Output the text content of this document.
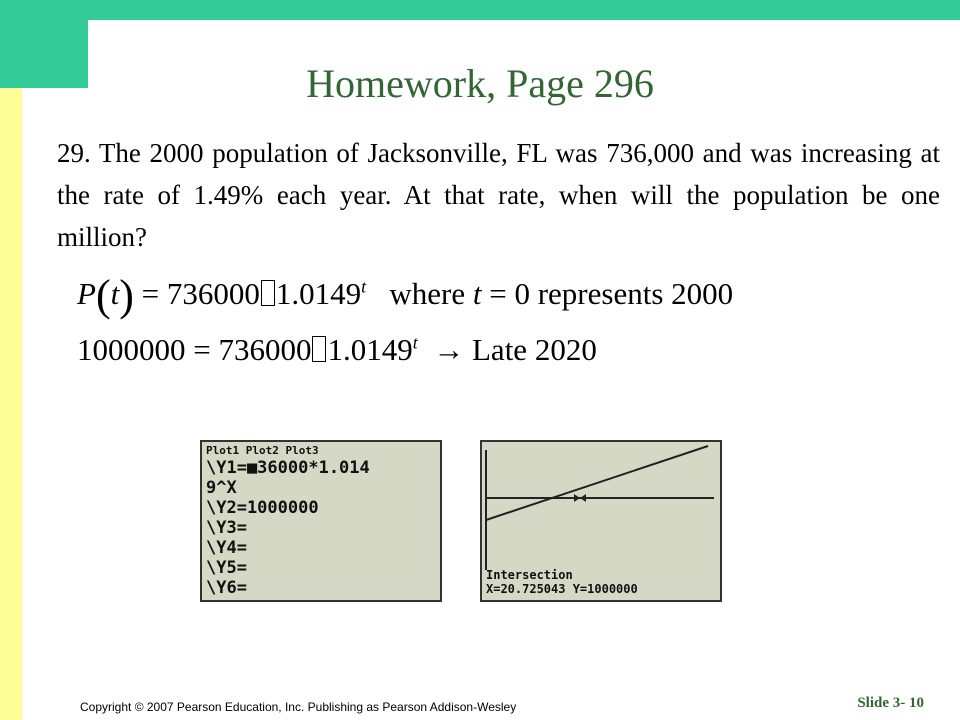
Homework, Page 296
29. The 2000 population of Jacksonville, FL was 736,000 and was increasing at the rate of 1.49% each year. At that rate, when will the population be one million?
P(t) = 736000 1.0149$^t$ where t = 0 represents 2000
1000000 = 736000 $1.0149^t$ → Late 2020
Plot1 Plot2 Plot3
\Y1=■36000*1.014
9^X
\Y2=1000000
\Y3=
\Y4=
\Y5=
\Y6=
Intersection
X=20.725043 Y=1000000
Copyright © 2007 Pearson Education, Inc. Publishing as Pearson Addison-Wesley	Slide 3- 10
